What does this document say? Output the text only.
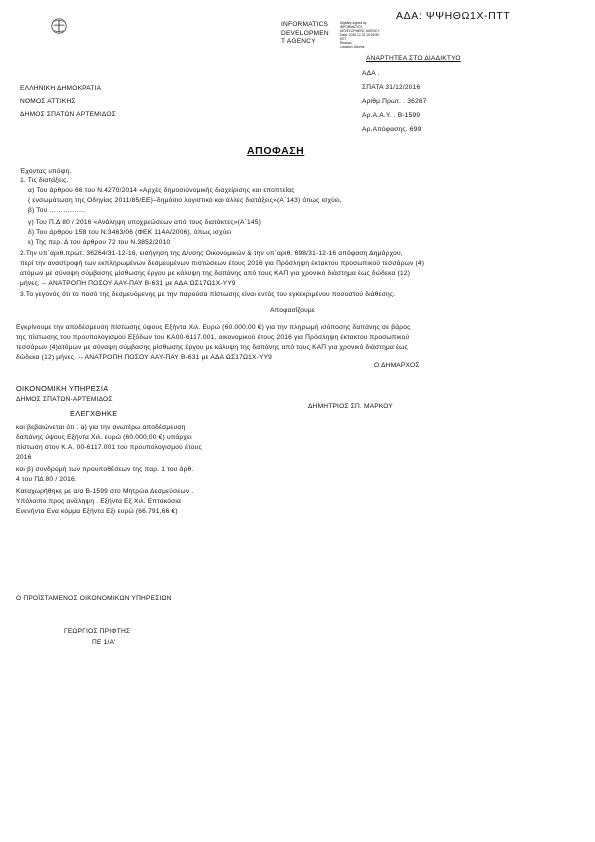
ΑΔΑ: ΨΨΗΘΩ1Χ-ΠΤΤ
INFORMATICS
DEVELOPMEN
T AGENCY
Digitally signed by
INFORMATICS
DEVELOPMENT AGENCY
Date: 2016.12.31 15:36:50
EET
Reason:
Location: Athens
ΑΝΑΡΤΗΤΕΑ ΣΤΟ ΔΙΑΔΙΚΤΥΟ
ΕΛΛΗΝΙΚΗ ΔΗΜΟΚΡΑΤΙΑ
ΝΟΜΟΣ ΑΤΤΙΚΗΣ
ΔΗΜΟΣ ΣΠΑΤΩΝ ΑΡΤΕΜΙΔΟΣ
ΑΔΑ .
ΣΠΑΤΑ 31/12/2016
Αριθμ.Πρωτ. . 36267
Αρ.Α.Α.Υ. . Β-1599
Αρ.Απόφασης. 699
ΑΠΟΦΑΣΗ
Έχοντας υπόψη.
1. Τις διατάξεις.
α) Του άρθρου 66 του Ν.4270/2014 «Αρχές δημοσιονομικής διαχείρισης και εποπτείας
( ενσωμάτωση της Οδηγίας 2011/85/ΕΕ)–δημόσιο λογιστικό και άλλες διατάξεις»(Α΄143) όπως ισχύει,
β) Του …………….
γ) Του Π.Δ 80 / 2016 «Ανάληψη υποχρεώσεων από τους διατάκτες»(Α΄145)
δ) Του άρθρου 158 του Ν.3463/06 (ΦΕΚ 114Α/2006), όπως ισχύει
ε) Της περ. Δ του άρθρου 72 του Ν.3852/2010
2.Την υπ΄αριθ.πρωτ. 36264/31-12-16, εισήγηση της Δ/νσης Οικονομικών & την υπ΄αριθ. 698/31-12-16 απόφαση Δημάρχου,
περί την αναστροφή των εκπληρωμένων δεσμευμένων πιστώσεων έτους 2016 για Πρόσληψη έκτακτου προσωπικού τεσσάρων (4)
ατόμων με σύναψη σύμβασης μίσθωσης έργου με κάλυψη της δαπάνης από τους ΚΑΠ για χρονικό διάστημα έως δώδεκα (12)
μήνες. -- ΑΝΑΤΡΟΠΗ ΠΟΣΟΥ ΑΑΥ-ΠΑΥ Β-631 με ΑΔΑ ΩΣ17Ω1Χ-ΥΥ9
3.Το γεγονός ότι το ποσό της δεσμευόμενης με την παρούσα πίστωσης είναι εντός του εγκεκριμένου ποσοστού διάθεσης.
Αποφασίζουμε
Εγκρίνουμε την αποδέσμευση πίστωσης ύψους Εξήντα Χιλ. Ευρώ (60.000,00 €) για την πληρωμή ισόποσης δαπάνης σε βάρος
της πίστωσης του προυπολογισμού Εξόδων του ΚΑ00-6117.001, οικονομικού έτους 2016 για Πρόσληψη έκτακτου προσωπικού
τεσσάρων (4)ατόμων με σύναψη σύμβασης μίσθωσης έργου με κάλυψη της δαπάνης από τους ΚΑΠ για χρονικό διάστημα έως
δώδεκα (12) μήνες. -- ΑΝΑΤΡΟΠΗ ΠΟΣΟΥ ΑΑΥ-ΠΑΥ Β-631 με ΑΔΑ ΩΣ17Ω1Χ-ΥΥ9
ΟΙΚΟΝΟΜΙΚΗ ΥΠΗΡΕΣΙΑ
ΔΗΜΟΣ ΣΠΑΤΩΝ-ΑΡΤΕΜΙΔΟΣ
ΕΛΕΓΧΘΗΚΕ
και βεβαιώνεται ότι . α) για την ανωτέρω αποδέσμευση
δαπάνης ύψους Εξήντα Χιλ. ευρώ (60.000,00 €) υπάρχει
πίστωση στον Κ.Α. 00-6117.001 του προυπολογισμού έτους
2016
και β) συνδρομή των προυποθέσεων της παρ. 1 του άρθ.
4 του ΠΔ 80 / 2016.
Καταχωρήθηκε με α/α Β-1599 στο Μητρώο Δεσμεύσεων .
Υπόλοιπο προς ανάληψη . Εξήντα Εξ.Χιλ. Επτακόσια
Ενενήντα Ενα κόμμα Εξήντα Εξι ευρώ (66.791,66 €)
Ο ΔΗΜΑΡΧΟΣ
ΔΗΜΗΤΡΙΟΣ ΣΠ. ΜΑΡΚΟΥ
Ο ΠΡΟΪΣΤΑΜΕΝΟΣ ΟΙΚΟΝΟΜΙΚΩΝ ΥΠΗΡΕΣΙΩΝ
ΓΕΩΡΓΙΟΣ ΠΡΙΦΤΗΣ
ΠΕ 1/Α'
